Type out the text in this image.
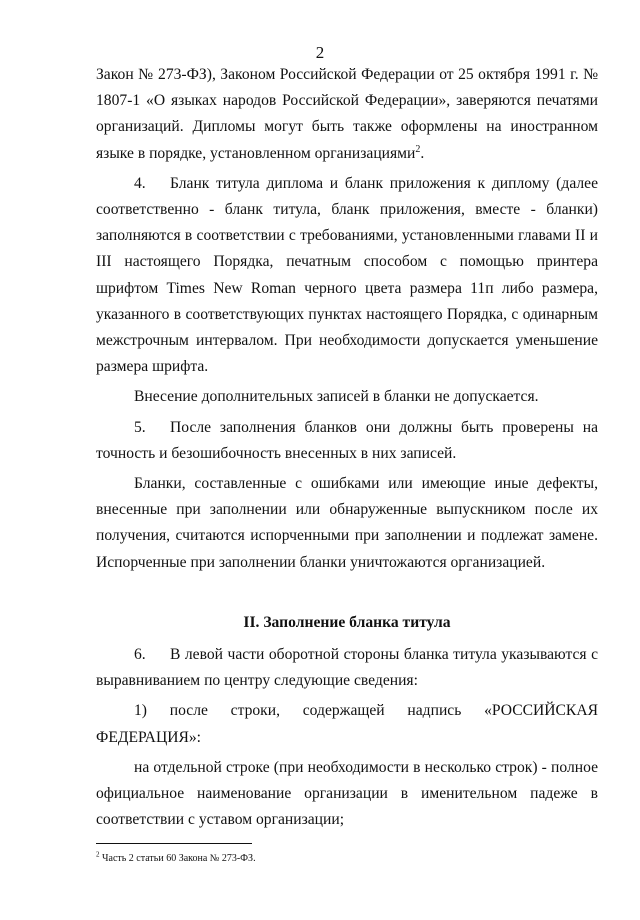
2

Закон № 273-ФЗ), Законом Российской Федерации от 25 октября 1991 г. № 1807-1 «О языках народов Российской Федерации», заверяются печатями организаций. Дипломы могут быть также оформлены на иностранном языке в порядке, установленном организациями$^2$.

4. Бланк титула диплома и бланк приложения к диплому (далее соответственно - бланк титула, бланк приложения, вместе - бланки) заполняются в соответствии с требованиями, установленными главами II и III настоящего Порядка, печатным способом с помощью принтера шрифтом Times New Roman черного цвета размера 11п либо размера, указанного в соответствующих пунктах настоящего Порядка, с одинарным межстрочным интервалом. При необходимости допускается уменьшение размера шрифта.

Внесение дополнительных записей в бланки не допускается.

5. После заполнения бланков они должны быть проверены на точность и безошибочность внесенных в них записей.

Бланки, составленные с ошибками или имеющие иные дефекты, внесенные при заполнении или обнаруженные выпускником после их получения, считаются испорченными при заполнении и подлежат замене. Испорченные при заполнении бланки уничтожаются организацией.

II. Заполнение бланка титула

6. В левой части оборотной стороны бланка титула указываются с выравниванием по центру следующие сведения:

1) после строки, содержащей надпись «РОССИЙСКАЯ ФЕДЕРАЦИЯ»:

на отдельной строке (при необходимости в несколько строк) - полное официальное наименование организации в именительном падеже в соответствии с уставом организации;

$^2$ Часть 2 статьи 60 Закона № 273-ФЗ.
